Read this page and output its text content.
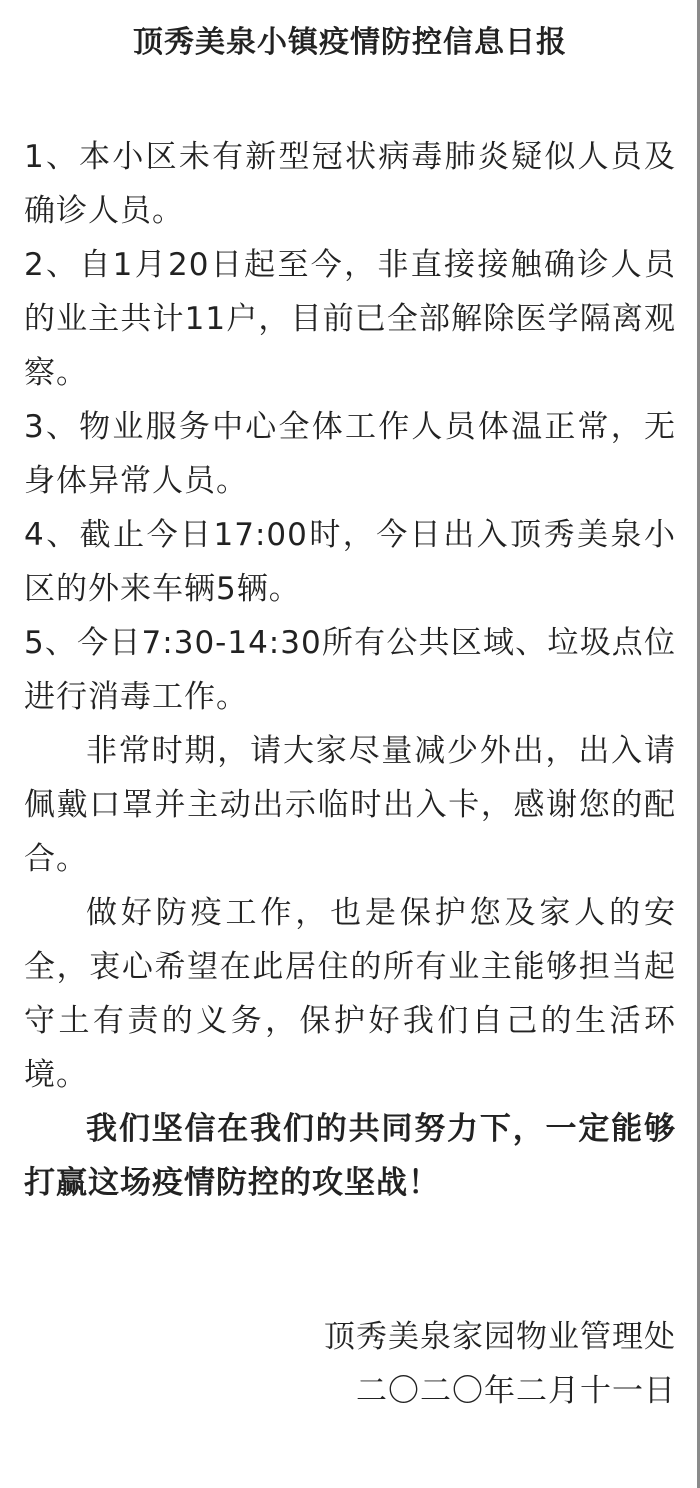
顶秀美泉小镇疫情防控信息日报

1、本小区未有新型冠状病毒肺炎疑似人员及确诊人员。

2、自1月20日起至今，非直接接触确诊人员的业主共计11户，目前已全部解除医学隔离观察。

3、物业服务中心全体工作人员体温正常，无身体异常人员。

4、截止今日17:00时，今日出入顶秀美泉小区的外来车辆5辆。

5、今日7:30-14:30所有公共区域、垃圾点位进行消毒工作。

非常时期，请大家尽量减少外出，出入请佩戴口罩并主动出示临时出入卡，感谢您的配合。

做好防疫工作，也是保护您及家人的安全，衷心希望在此居住的所有业主能够担当起守土有责的义务，保护好我们自己的生活环境。

我们坚信在我们的共同努力下，一定能够打赢这场疫情防控的攻坚战！

顶秀美泉家园物业管理处
二〇二〇年二月十一日
